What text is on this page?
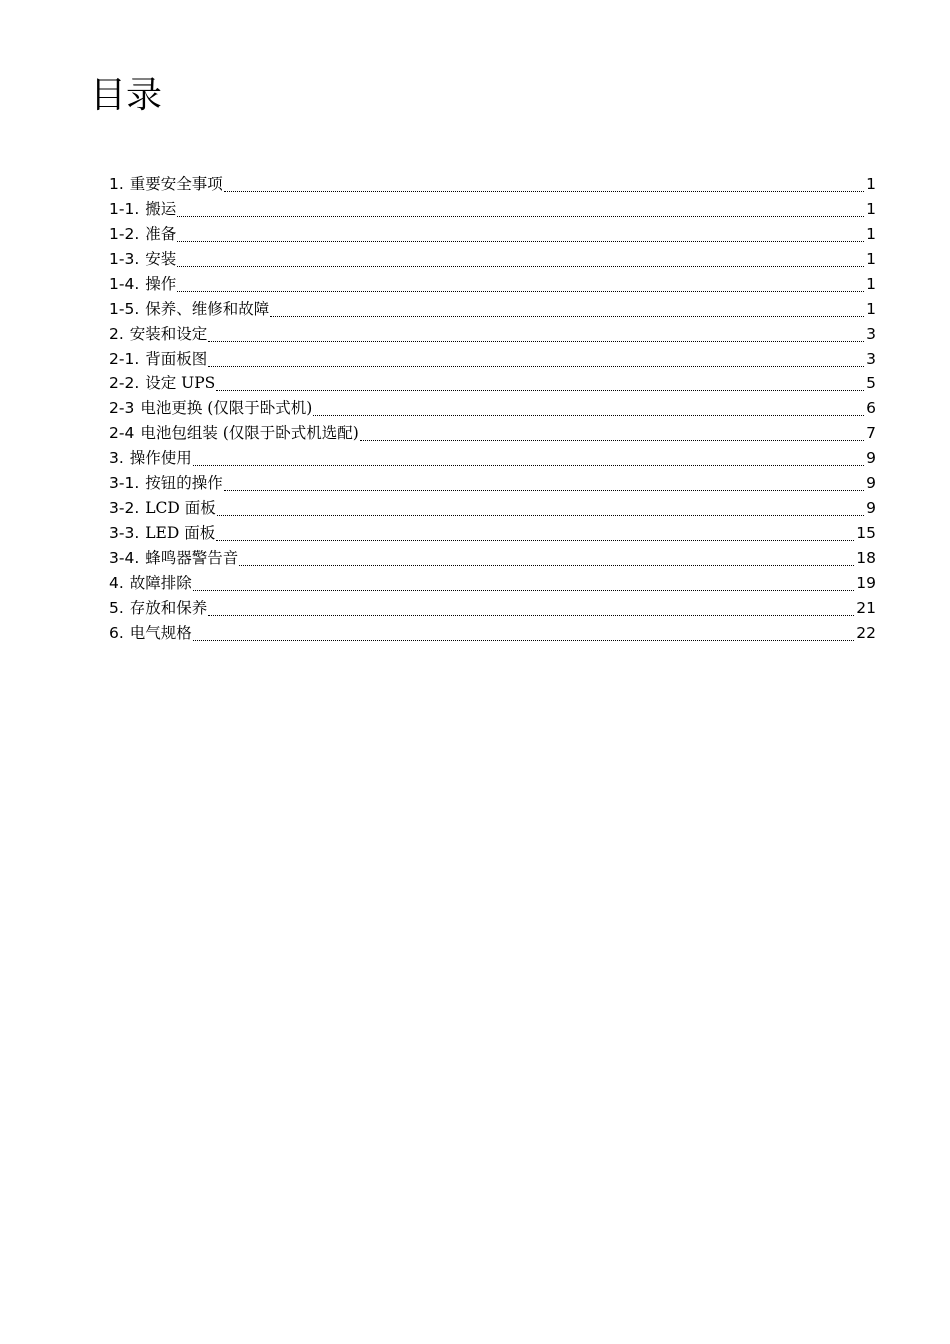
目录
1. 重要安全事项	1
1-1. 搬运	1
1-2. 准备	1
1-3. 安装	1
1-4. 操作	1
1-5. 保养、维修和故障	1
2. 安装和设定	3
2-1. 背面板图	3
2-2. 设定 UPS	5
2-3 电池更换 (仅限于卧式机)	6
2-4 电池包组装 (仅限于卧式机选配)	7
3. 操作使用	9
3-1. 按钮的操作	9
3-2. LCD 面板	9
3-3. LED 面板	15
3-4. 蜂鸣器警告音	18
4. 故障排除	19
5. 存放和保养	21
6. 电气规格	22
